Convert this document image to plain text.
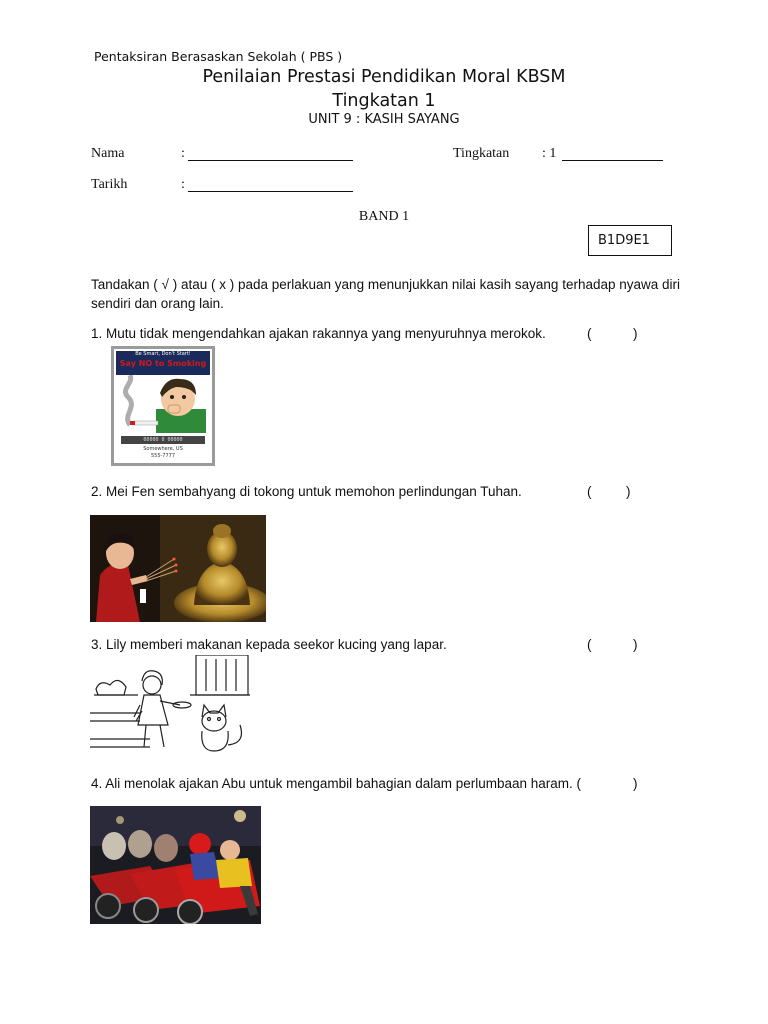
Pentaksiran Berasaskan Sekolah ( PBS )
Penilaian Prestasi Pendidikan Moral KBSM
Tingkatan 1
UNIT 9 : KASIH SAYANG
Nama	:	Tingkatan : 1
Tarikh	:
BAND 1
B1D9E1
Tandakan ( √ ) atau ( x ) pada perlakuan yang menunjukkan nilai kasih sayang terhadap nyawa diri sendiri dan orang lain.
1. Mutu tidak mengendahkan ajakan rakannya yang menyuruhnya merokok.	(	)
Be Smart, Don't Start!
Say NO to Smoking
00000 0 00000
Somewhere, US
555-7777
2. Mei Fen sembahyang di tokong untuk memohon perlindungan Tuhan.	(	)
3. Lily memberi makanan kepada seekor kucing yang lapar.	(	)
4. Ali menolak ajakan Abu untuk mengambil bahagian dalam perlumbaan haram. (	)
